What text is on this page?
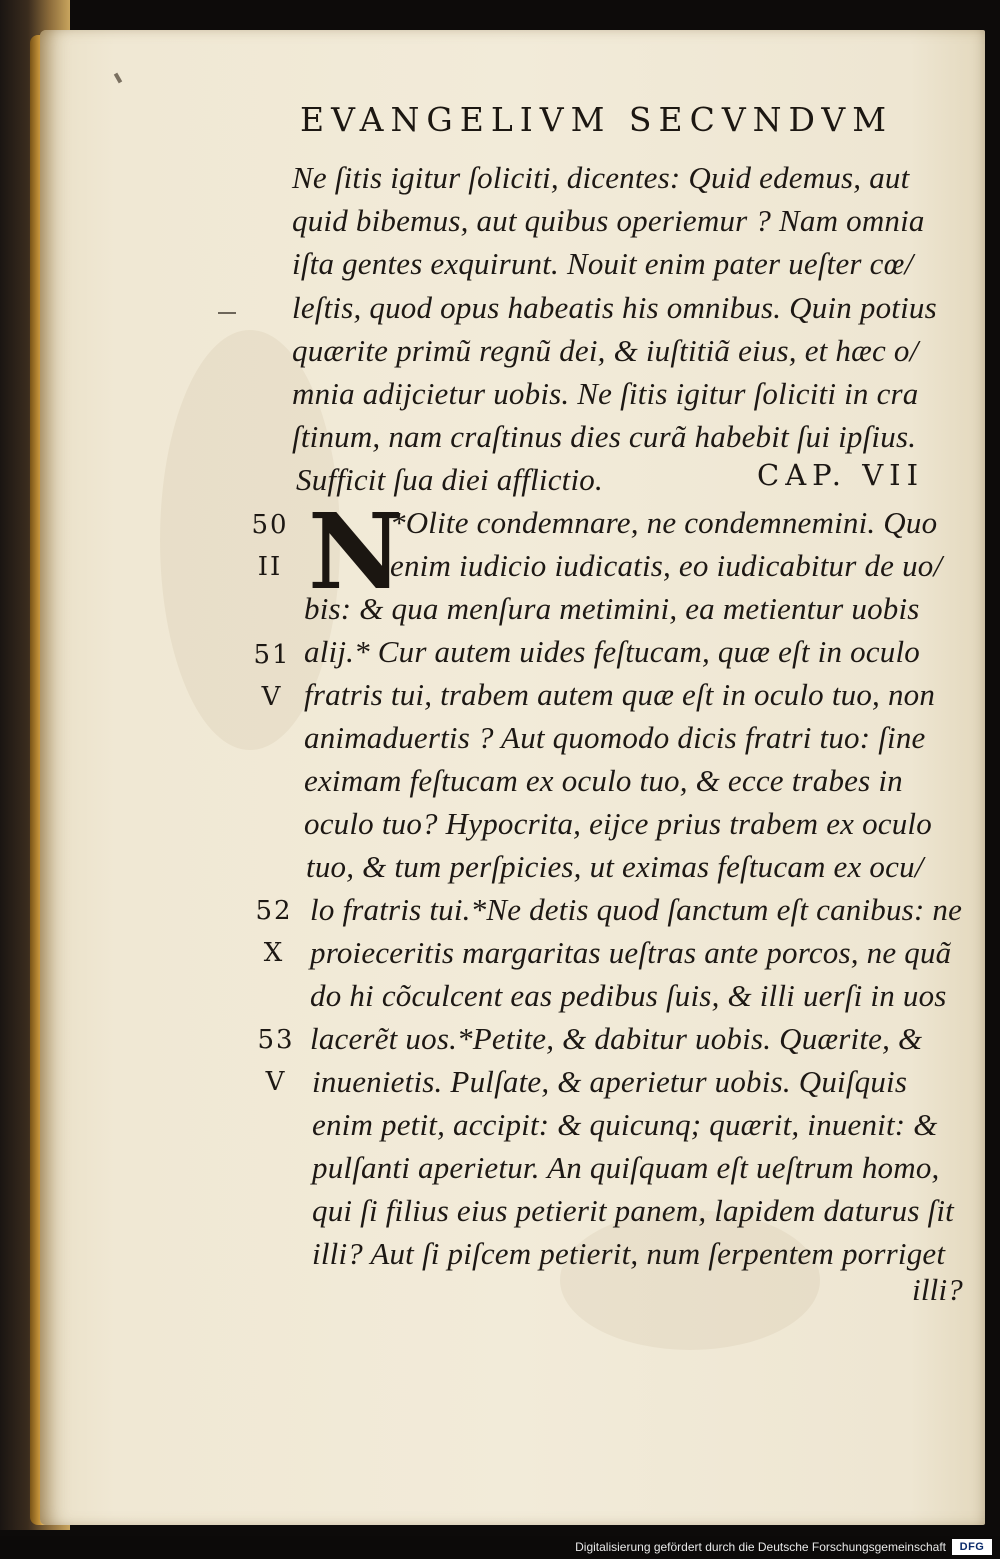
EVANGELIVM SECVNDVM
Ne ſitis igitur ſoliciti, dicentes: Quid edemus, aut
quid bibemus, aut quibus operiemur ? Nam omnia
iſta gentes exquirunt. Nouit enim pater ueſter cœ/
leſtis, quod opus habeatis his omnibus. Quin potius
quærite primũ regnũ dei, & iuſtitiã eius, et hæc o/
mnia adijcietur uobis. Ne ſitis igitur ſoliciti in cra
ſtinum, nam craſtinus dies curã habebit ſui ipſius.
Sufficit ſua diei afflictio.	CAP. VII
N
*Olite condemnare, ne condemnemini. Quo
enim iudicio iudicatis, eo iudicabitur de uo/
bis: & qua menſura metimini, ea metientur uobis
alij.* Cur autem uides feſtucam, quæ eſt in oculo
fratris tui, trabem autem quæ eſt in oculo tuo, non
animaduertis ? Aut quomodo dicis fratri tuo: ſine
eximam feſtucam ex oculo tuo, & ecce trabes in
oculo tuo? Hypocrita, eijce prius trabem ex oculo
tuo, & tum perſpicies, ut eximas feſtucam ex ocu/
lo fratris tui.*Ne detis quod ſanctum eſt canibus: ne
proieceritis margaritas ueſtras ante porcos, ne quã
do hi cõculcent eas pedibus ſuis, & illi uerſi in uos
lacerẽt uos.*Petite, & dabitur uobis. Quærite, &
inuenietis. Pulſate, & aperietur uobis. Quiſquis
enim petit, accipit: & quicunq; quærit, inuenit: &
pulſanti aperietur. An quiſquam eſt ueſtrum homo,
qui ſi filius eius petierit panem, lapidem daturus ſit
illi? Aut ſi piſcem petierit, num ſerpentem porriget
illi?
50
II
51
V
52
X
53
V
Digitalisierung gefördert durch die Deutsche Forschungsgemeinschaft	DFG
